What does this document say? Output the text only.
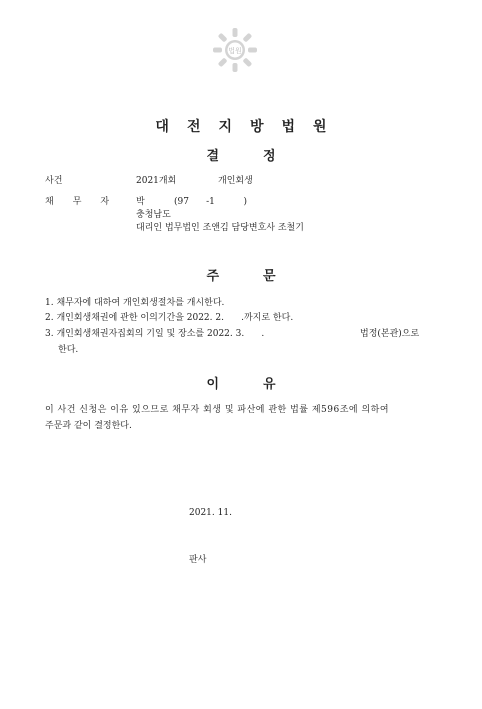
법원
대전지방법원
결정
사건	2021개회	개인회생
채무자 박	(97      -1          )
충청남도
대리인 법무법인 조앤김 담당변호사 조철기
주문
1. 채무자에 대하여 개인회생절차를 개시한다.
2. 개인회생채권에 관한 이의기간을 2022. 2.      .까지로 한다.
3. 개인회생채권자집회의 기일 및 장소를 2022. 3.      .	법정(본관)으로
한다.
이유
이 사건 신청은 이유 있으므로 채무자 회생 및 파산에 관한 법률 제596조에 의하여
주문과 같이 결정한다.
2021. 11.
판사
